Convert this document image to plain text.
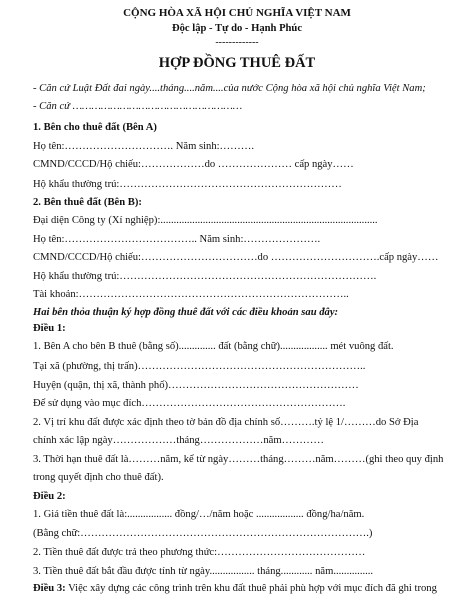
CỘNG HÒA XÃ HỘI CHỦ NGHĨA VIỆT NAM
Độc lập - Tự do - Hạnh Phúc
-------------
HỢP ĐỒNG THUÊ ĐẤT
- Căn cứ Luật Đất đai ngày....tháng....năm....của nước Cộng hòa xã hội chủ nghĩa Việt Nam;
- Căn cứ ………………………………………………
1. Bên cho thuê đất (Bên A)
Họ tên:…………………………. Năm sinh:……….
CMND/CCCD/Hộ chiếu:………………do ………………… cấp ngày……
Hộ khẩu thường trú:………………………………………………………
2. Bên thuê đất (Bên B):
Đại diện Công ty (Xí nghiệp):..................................................................................
Họ tên:……………………………….. Năm sinh:………………….
CMND/CCCD/Hộ chiếu:……………………………do ………………………….cấp ngày……
Hộ khẩu thường trú:……………………………………………………………….
Tài khoản:…………………………………………………………………..
Hai bên thỏa thuận ký hợp đồng thuê đất với các điều khoản sau đây:
Điều 1:
1. Bên A cho bên B thuê (bằng số).............. đất (bằng chữ).................. mét vuông đất.
Tại xã (phường, thị trấn)………………………………………………………..
Huyện (quận, thị xã, thành phố)………………………………………………
Để sử dụng vào mục đích………………………………………………….
2. Vị trí khu đất được xác định theo tờ bản đồ địa chính số……….tỷ lệ 1/………do Sở Địa
chính xác lập ngày………………tháng………………năm…………
3. Thời hạn thuê đất là………năm, kể từ ngày………tháng………năm………(ghi theo quy định
trong quyết định cho thuê đất).
Điều 2:
1. Giá tiền thuê đất là:................. đồng/…/năm hoặc .................. đồng/ha/năm.
(Bằng chữ:……………………………………………………………………….)
2. Tiền thuê đất được trả theo phương thức:……………………………………
3. Tiền thuê đất bắt đầu được tính từ ngày................. tháng............ năm...............
Điều 3: Việc xây dựng các công trình trên khu đất thuê phải phù hợp với mục đích đã ghi trong
